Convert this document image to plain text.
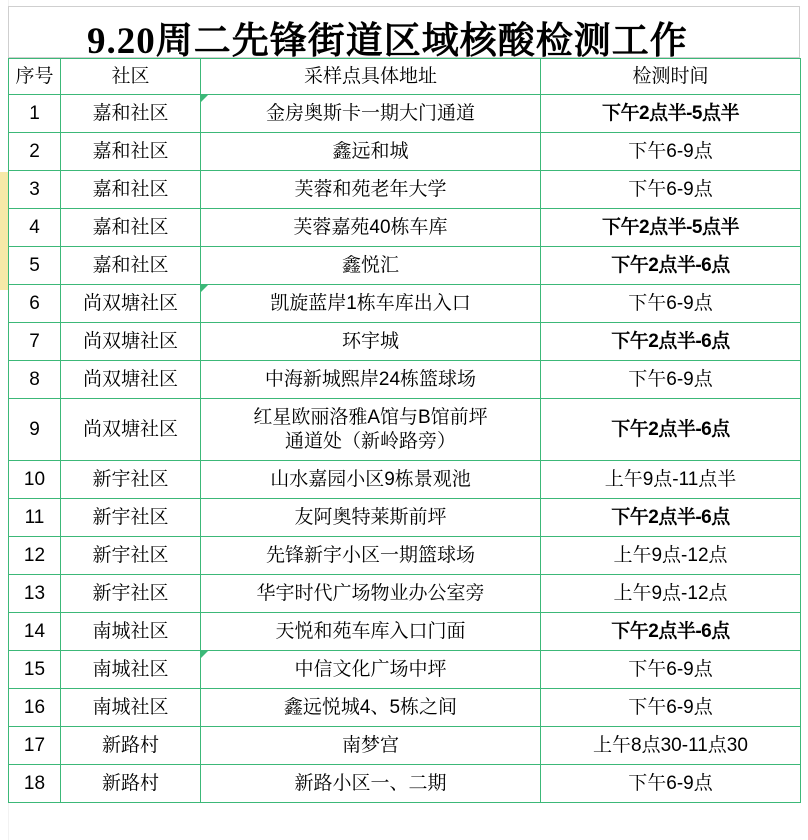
9.20周二先锋街道区域核酸检测工作
序号	社区	采样点具体地址	检测时间
1	嘉和社区	金房奥斯卡一期大门通道	下午2点半-5点半
2	嘉和社区	鑫远和城	下午6-9点
3	嘉和社区	芙蓉和苑老年大学	下午6-9点
4	嘉和社区	芙蓉嘉苑40栋车库	下午2点半-5点半
5	嘉和社区	鑫悦汇	下午2点半-6点
6	尚双塘社区	凯旋蓝岸1栋车库出入口	下午6-9点
7	尚双塘社区	环宇城	下午2点半-6点
8	尚双塘社区	中海新城熙岸24栋篮球场	下午6-9点
9	尚双塘社区	红星欧丽洛雅A馆与B馆前坪
通道处（新岭路旁）	下午2点半-6点
10	新宇社区	山水嘉园小区9栋景观池	上午9点-11点半
11	新宇社区	友阿奥特莱斯前坪	下午2点半-6点
12	新宇社区	先锋新宇小区一期篮球场	上午9点-12点
13	新宇社区	华宇时代广场物业办公室旁	上午9点-12点
14	南城社区	天悦和苑车库入口门面	下午2点半-6点
15	南城社区	中信文化广场中坪	下午6-9点
16	南城社区	鑫远悦城4、5栋之间	下午6-9点
17	新路村	南梦宫	上午8点30-11点30
18	新路村	新路小区一、二期	下午6-9点
